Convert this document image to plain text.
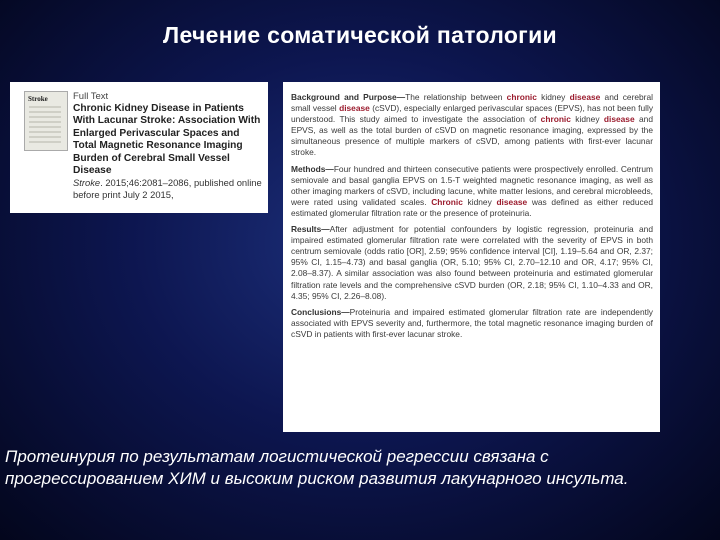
Лечение соматической патологии
Stroke	Full Text
Chronic Kidney Disease in Patients With Lacunar Stroke: Association With Enlarged Perivascular Spaces and Total Magnetic Resonance Imaging Burden of Cerebral Small Vessel Disease
Stroke. 2015;46:2081–2086, published online before print July 2 2015,
Background and Purpose—The relationship between chronic kidney disease and cerebral small vessel disease (cSVD), especially enlarged perivascular spaces (EPVS), has not been fully understood. This study aimed to investigate the association of chronic kidney disease and EPVS, as well as the total burden of cSVD on magnetic resonance imaging, expressed by the simultaneous presence of multiple markers of cSVD, among patients with first-ever lacunar stroke.
Methods—Four hundred and thirteen consecutive patients were prospectively enrolled. Centrum semiovale and basal ganglia EPVS on 1.5-T weighted magnetic resonance imaging, as well as other imaging markers of cSVD, including lacune, white matter lesions, and cerebral microbleeds, were rated using validated scales. Chronic kidney disease was defined as either reduced estimated glomerular filtration rate or the presence of proteinuria.
Results—After adjustment for potential confounders by logistic regression, proteinuria and impaired estimated glomerular filtration rate were correlated with the severity of EPVS in both centrum semiovale (odds ratio [OR], 2.59; 95% confidence interval [CI], 1.19–5.64 and OR, 2.37; 95% CI, 1.15–4.73) and basal ganglia (OR, 5.10; 95% CI, 2.70–12.10 and OR, 4.17; 95% CI, 2.08–8.37). A similar association was also found between proteinuria and estimated glomerular filtration rate levels and the comprehensive cSVD burden (OR, 2.18; 95% CI, 1.10–4.33 and OR, 4.35; 95% CI, 2.26–8.08).
Conclusions—Proteinuria and impaired estimated glomerular filtration rate are independently associated with EPVS severity and, furthermore, the total magnetic resonance imaging burden of cSVD in patients with first-ever lacunar stroke.
Протеинурия по результатам логистической регрессии связана с
прогрессированием ХИМ и высоким риском развития лакунарного инсульта.
